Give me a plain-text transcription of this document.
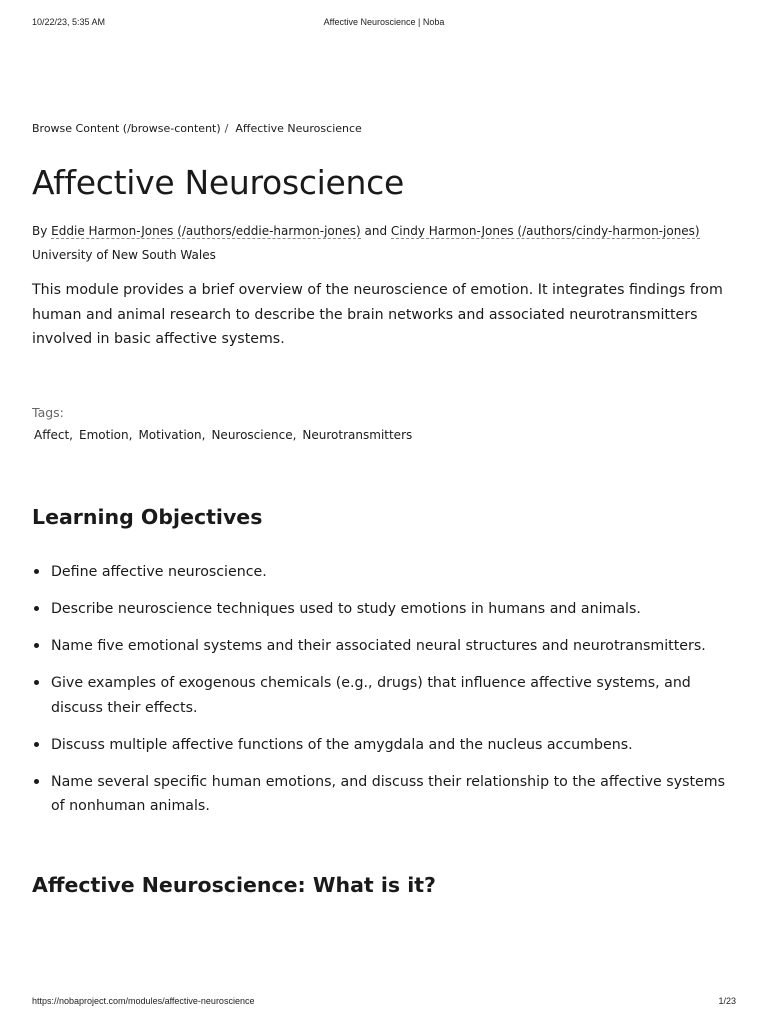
10/22/23, 5:35 AM	Affective Neuroscience | Noba
Browse Content (/browse-content) / Affective Neuroscience
Affective Neuroscience
By Eddie Harmon-Jones (/authors/eddie-harmon-jones) and Cindy Harmon-Jones (/authors/cindy-harmon-jones)
University of New South Wales

This module provides a brief overview of the neuroscience of emotion. It integrates findings from human and animal research to describe the brain networks and associated neurotransmitters involved in basic affective systems.

Tags:
Affect, Emotion, Motivation, Neuroscience, Neurotransmitters
Learning Objectives
Define affective neuroscience.
Describe neuroscience techniques used to study emotions in humans and animals.
Name five emotional systems and their associated neural structures and neurotransmitters.
Give examples of exogenous chemicals (e.g., drugs) that influence affective systems, and discuss their effects.
Discuss multiple affective functions of the amygdala and the nucleus accumbens.
Name several specific human emotions, and discuss their relationship to the affective systems of nonhuman animals.
Affective Neuroscience: What is it?
https://nobaproject.com/modules/affective-neuroscience	1/23
